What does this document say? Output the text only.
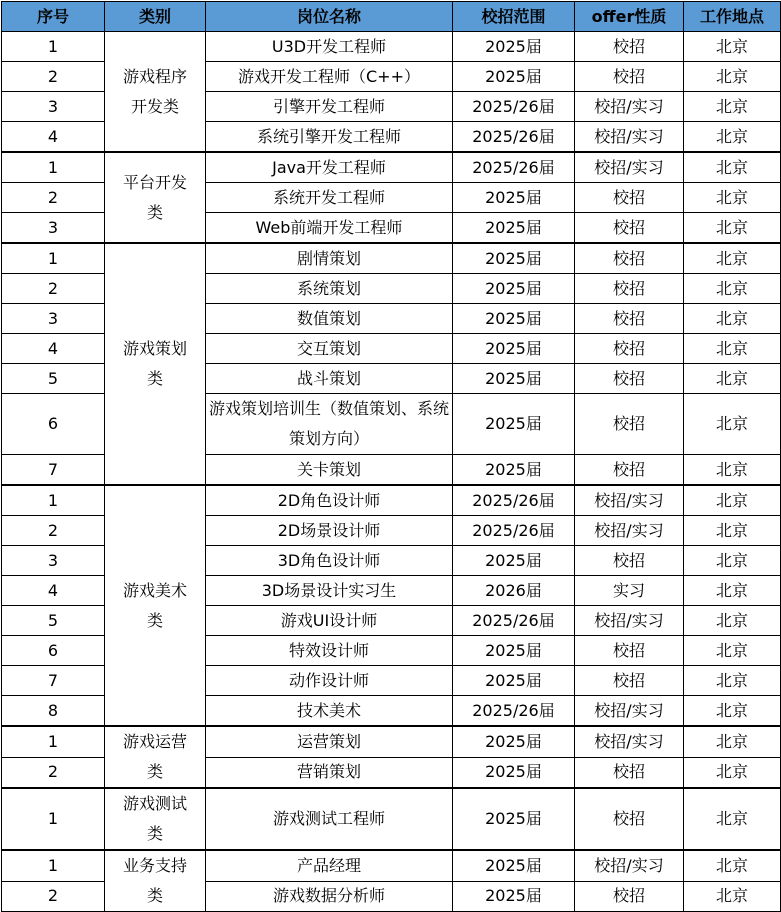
序号	类别	岗位名称	校招范围	offer性质	工作地点
1	游戏程序开发类	U3D开发工程师	2025届	校招	北京
2		游戏开发工程师（C++）	2025届	校招	北京
3		引擎开发工程师	2025/26届	校招/实习	北京
4		系统引擎开发工程师	2025/26届	校招/实习	北京
1	平台开发类	Java开发工程师	2025/26届	校招/实习	北京
2		系统开发工程师	2025届	校招	北京
3		Web前端开发工程师	2025届	校招	北京
1	游戏策划类	剧情策划	2025届	校招	北京
2		系统策划	2025届	校招	北京
3		数值策划	2025届	校招	北京
4		交互策划	2025届	校招	北京
5		战斗策划	2025届	校招	北京
6		游戏策划培训生（数值策划、系统策划方向）	2025届	校招	北京
7		关卡策划	2025届	校招	北京
1	游戏美术类	2D角色设计师	2025/26届	校招/实习	北京
2		2D场景设计师	2025/26届	校招/实习	北京
3		3D角色设计师	2025届	校招	北京
4		3D场景设计实习生	2026届	实习	北京
5		游戏UI设计师	2025/26届	校招/实习	北京
6		特效设计师	2025届	校招	北京
7		动作设计师	2025届	校招	北京
8		技术美术	2025/26届	校招/实习	北京
1	游戏运营类	运营策划	2025届	校招/实习	北京
2		营销策划	2025届	校招	北京
1	游戏测试类	游戏测试工程师	2025届	校招	北京
1	业务支持类	产品经理	2025届	校招/实习	北京
2		游戏数据分析师	2025届	校招	北京
